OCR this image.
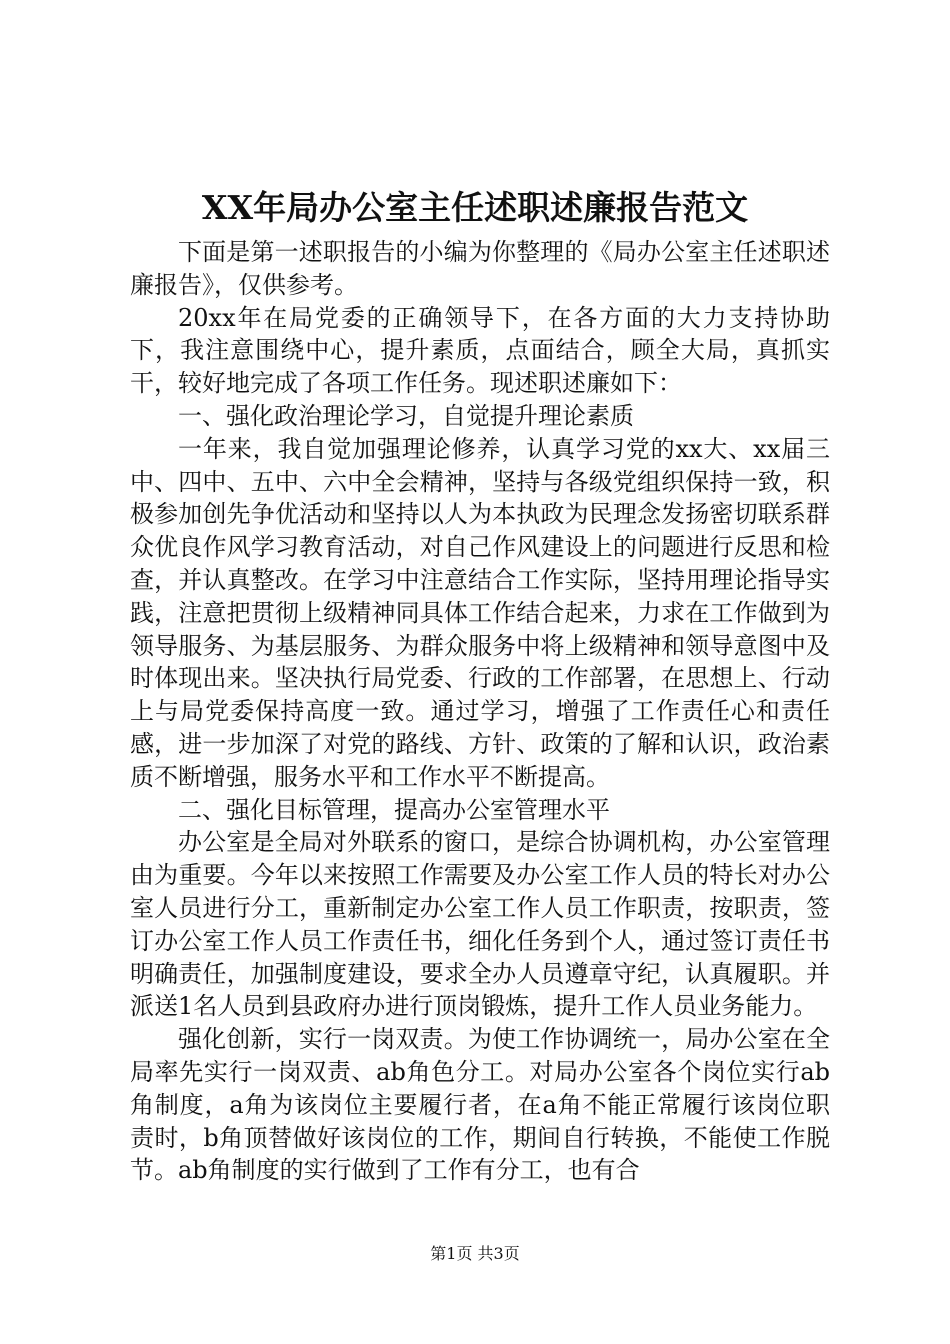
XX年局办公室主任述职述廉报告范文

下面是第一述职报告的小编为你整理的《局办公室主任述职述廉报告》，仅供参考。

20xx年在局党委的正确领导下，在各方面的大力支持协助下，我注意围绕中心，提升素质，点面结合，顾全大局，真抓实干，较好地完成了各项工作任务。现述职述廉如下：

一、强化政治理论学习，自觉提升理论素质

一年来，我自觉加强理论修养，认真学习党的xx大、xx届三中、四中、五中、六中全会精神，坚持与各级党组织保持一致，积极参加创先争优活动和坚持以人为本执政为民理念发扬密切联系群众优良作风学习教育活动，对自己作风建设上的问题进行反思和检查，并认真整改。在学习中注意结合工作实际，坚持用理论指导实践，注意把贯彻上级精神同具体工作结合起来，力求在工作做到为领导服务、为基层服务、为群众服务中将上级精神和领导意图中及时体现出来。坚决执行局党委、行政的工作部署，在思想上、行动上与局党委保持高度一致。通过学习，增强了工作责任心和责任感，进一步加深了对党的路线、方针、政策的了解和认识，政治素质不断增强，服务水平和工作水平不断提高。

二、强化目标管理，提高办公室管理水平

办公室是全局对外联系的窗口，是综合协调机构，办公室管理由为重要。今年以来按照工作需要及办公室工作人员的特长对办公室人员进行分工，重新制定办公室工作人员工作职责，按职责，签订办公室工作人员工作责任书，细化任务到个人，通过签订责任书明确责任，加强制度建设，要求全办人员遵章守纪，认真履职。并派送1名人员到县政府办进行顶岗锻炼，提升工作人员业务能力。

强化创新，实行一岗双责。为使工作协调统一，局办公室在全局率先实行一岗双责、ab角色分工。对局办公室各个岗位实行ab角制度，a角为该岗位主要履行者，在a角不能正常履行该岗位职责时，b角顶替做好该岗位的工作，期间自行转换，不能使工作脱节。ab角制度的实行做到了工作有分工，也有合

第1页 共3页
